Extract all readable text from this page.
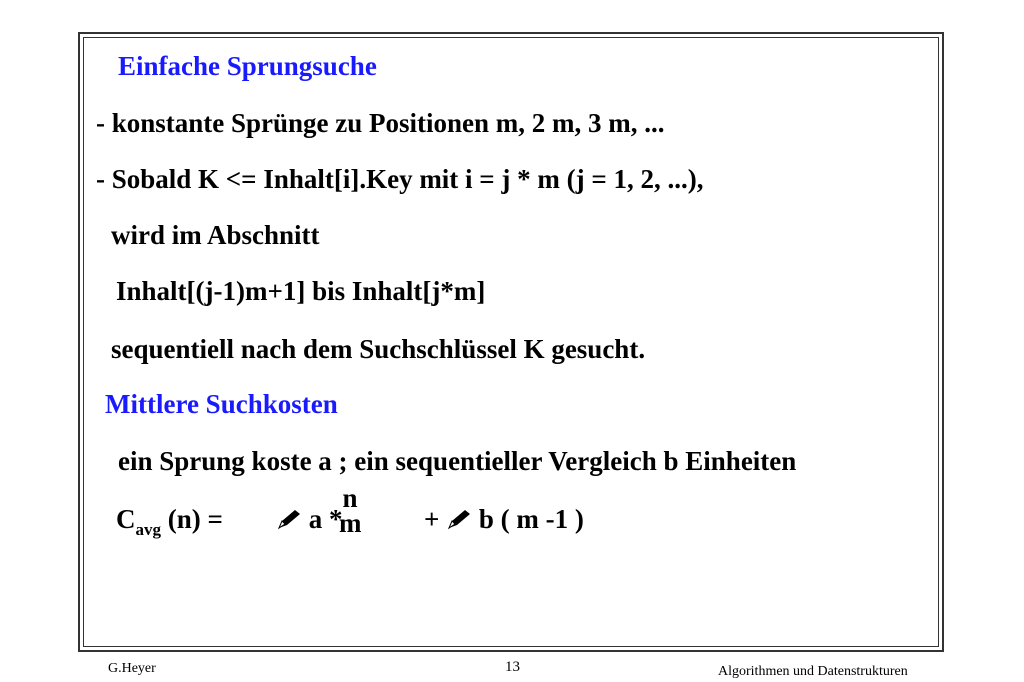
Einfache Sprungsuche
- konstante Sprünge zu Positionen m, 2 m, 3 m, ...
- Sobald K <= Inhalt[i].Key mit i = j * m (j = 1, 2, ...),
wird im Abschnitt
Inhalt[(j-1)m+1] bis Inhalt[j*m]
sequentiell nach dem Suchschlüssel K gesucht.
Mittlere Suchkosten
ein Sprung koste a ; ein sequentieller Vergleich b Einheiten
$C_{avg}$ (n) =	a *
n
m + b ( m -1 )
G.Heyer	13	Algorithmen und Datenstrukturen
